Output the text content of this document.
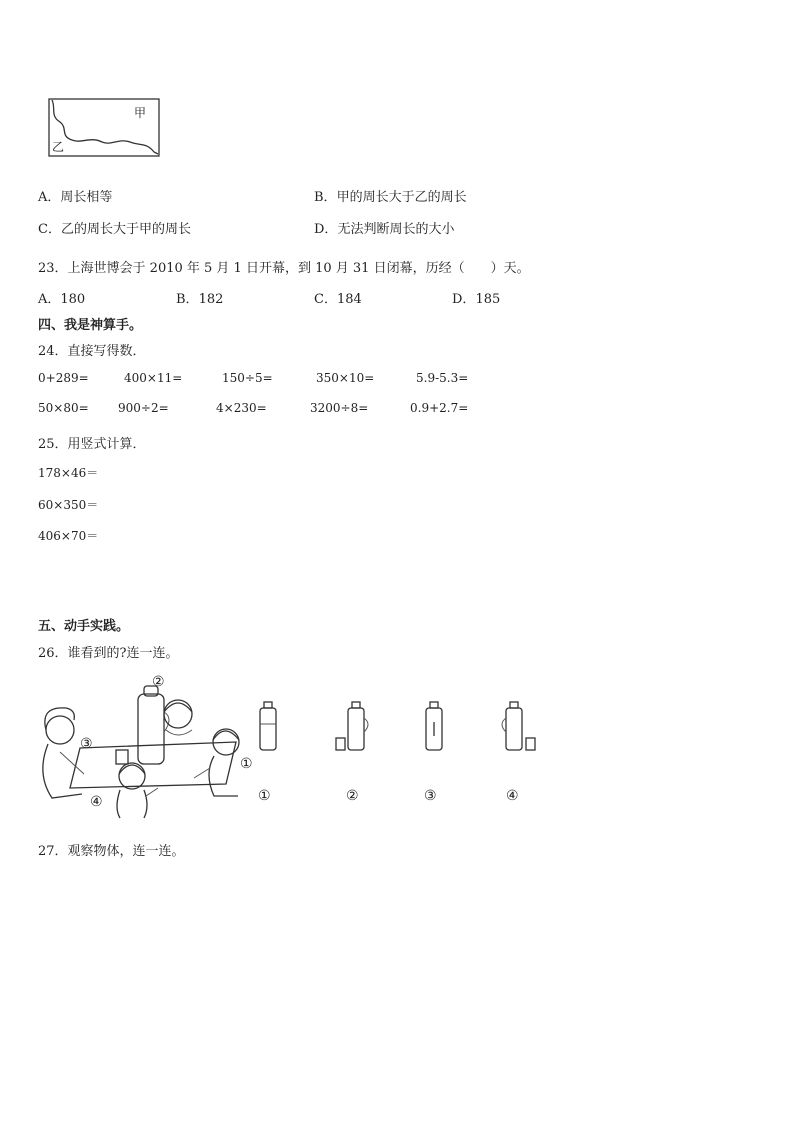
甲
乙
A．周长相等	B．甲的周长大于乙的周长
C．乙的周长大于甲的周长	D．无法判断周长的大小
23．上海世博会于 2010 年 5 月 1 日开幕，到 10 月 31 日闭幕，历经（　　）天。
A．180	B．182	C．184	D．185
四、我是神算手。
24．直接写得数．
0+289=	400×11=	150÷5=	350×10=	5.9-5.3=
50×80= 900÷2=	4×230=	3200÷8=	0.9+2.7=
25．用竖式计算．
178×46＝
60×350＝
406×70＝
五、动手实践。
26．谁看到的?连一连。
②
③
①
④	①	②	③	④
27．观察物体，连一连。
